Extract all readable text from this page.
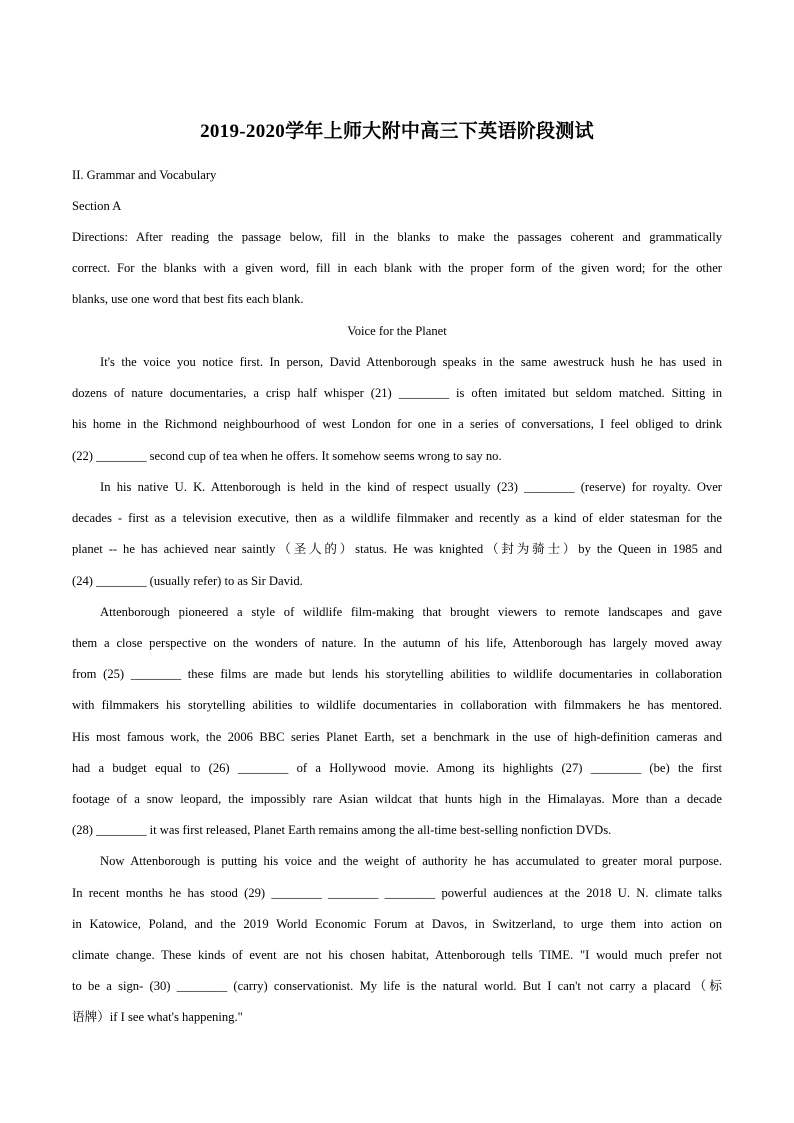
2019-2020学年上师大附中高三下英语阶段测试
II. Grammar and Vocabulary
Section A
Directions: After reading the passage below, fill in the blanks to make the passages coherent and grammatically
correct. For the blanks with a given word, fill in each blank with the proper form of the given word; for the other
blanks, use one word that best fits each blank.
Voice for the Planet
It's the voice you notice first. In person, David Attenborough speaks in the same awestruck hush he has used in
dozens of nature documentaries, a crisp half whisper (21) ________ is often imitated but seldom matched. Sitting in
his home in the Richmond neighbourhood of west London for one in a series of conversations, I feel obliged to drink
(22) ________ second cup of tea when he offers. It somehow seems wrong to say no.
In his native U. K. Attenborough is held in the kind of respect usually (23) ________ (reserve) for royalty. Over
decades - first as a television executive, then as a wildlife filmmaker and recently as a kind of elder statesman for the
planet -- he has achieved near saintly（圣人的）status. He was knighted（封为骑士）by the Queen in 1985 and
(24) ________ (usually refer) to as Sir David.
Attenborough pioneered a style of wildlife film-making that brought viewers to remote landscapes and gave
them a close perspective on the wonders of nature. In the autumn of his life, Attenborough has largely moved away
from (25) ________ these films are made but lends his storytelling abilities to wildlife documentaries in collaboration
with filmmakers his storytelling abilities to wildlife documentaries in collaboration with filmmakers he has mentored.
His most famous work, the 2006 BBC series Planet Earth, set a benchmark in the use of high-definition cameras and
had a budget equal to (26) ________ of a Hollywood movie. Among its highlights (27) ________ (be) the first
footage of a snow leopard, the impossibly rare Asian wildcat that hunts high in the Himalayas. More than a decade
(28) ________ it was first released, Planet Earth remains among the all-time best-selling nonfiction DVDs.
Now Attenborough is putting his voice and the weight of authority he has accumulated to greater moral purpose.
In recent months he has stood (29) ________ ________ ________ powerful audiences at the 2018 U. N. climate talks
in Katowice, Poland, and the 2019 World Economic Forum at Davos, in Switzerland, to urge them into action on
climate change. These kinds of event are not his chosen habitat, Attenborough tells TIME. "I would much prefer not
to be a sign- (30) ________ (carry) conservationist. My life is the natural world. But I can't not carry a placard（标
语牌）if I see what's happening."
